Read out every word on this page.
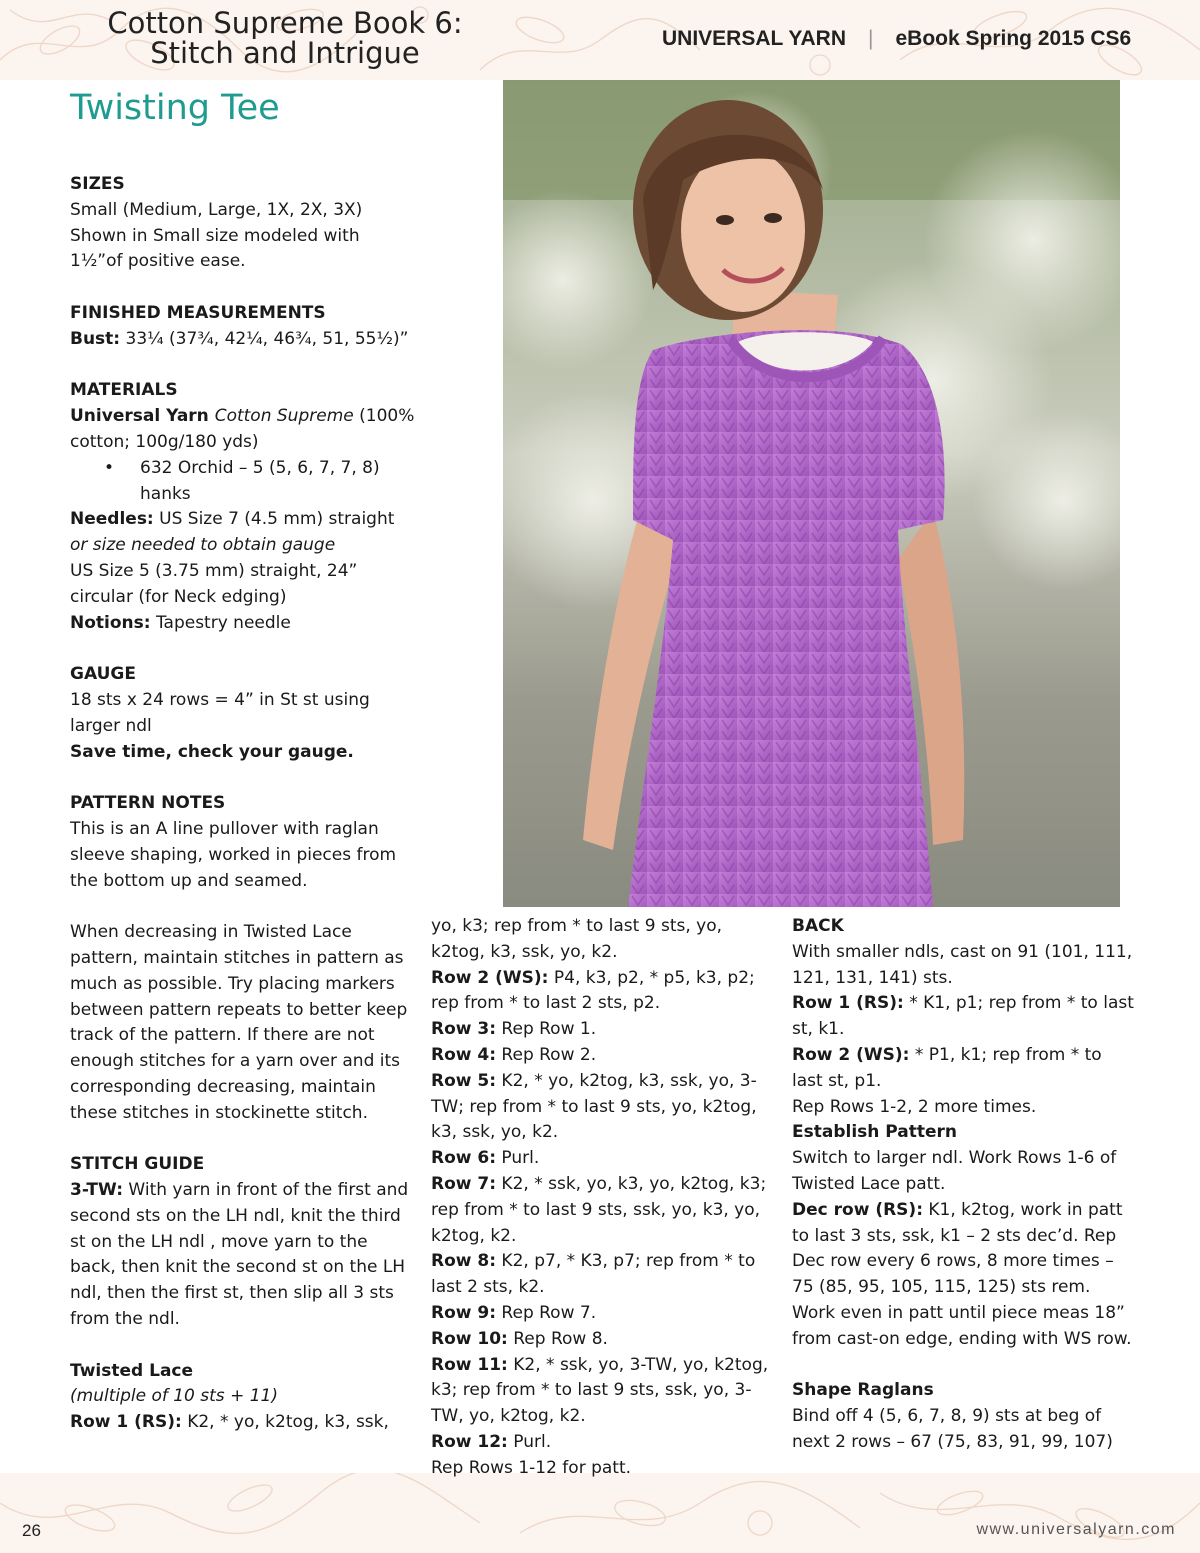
Cotton Supreme Book 6:
Stitch and Intrigue	UNIVERSAL YARN | eBook Spring 2015 CS6
Twisting Tee

SIZES

Small (Medium, Large, 1X, 2X, 3X) Shown in Small size modeled with 1½”of positive ease.

FINISHED MEASUREMENTS

Bust: 33¼ (37¾, 42¼, 46¾, 51, 55½)”

MATERIALS

Universal Yarn Cotton Supreme (100% cotton; 100g/180 yds)

•	632 Orchid – 5 (5, 6, 7, 7, 8) hanks

Needles: US Size 7 (4.5 mm) straight

or size needed to obtain gauge

US Size 5 (3.75 mm) straight, 24” circular (for Neck edging)

Notions: Tapestry needle

GAUGE

18 sts x 24 rows = 4” in St st using larger ndl

Save time, check your gauge.

PATTERN NOTES

This is an A line pullover with raglan sleeve shaping, worked in pieces from the bottom up and seamed.

When decreasing in Twisted Lace pattern, maintain stitches in pattern as much as possible. Try placing markers between pattern repeats to better keep track of the pattern. If there are not enough stitches for a yarn over and its corresponding decreasing, maintain these stitches in stockinette stitch.

STITCH GUIDE

3-TW: With yarn in front of the first and second sts on the LH ndl, knit the third st on the LH ndl , move yarn to the back, then knit the second st on the LH ndl, then the first st, then slip all 3 sts from the ndl.

Twisted Lace

(multiple of 10 sts + 11)

Row 1 (RS): K2, * yo, k2tog, k3, ssk,

yo, k3; rep from * to last 9 sts, yo, k2tog, k3, ssk, yo, k2.

Row 2 (WS): P4, k3, p2, * p5, k3, p2; rep from * to last 2 sts, p2.

Row 3: Rep Row 1.

Row 4: Rep Row 2.

Row 5: K2, * yo, k2tog, k3, ssk, yo, 3-TW; rep from * to last 9 sts, yo, k2tog, k3, ssk, yo, k2.

Row 6: Purl.

Row 7: K2, * ssk, yo, k3, yo, k2tog, k3; rep from * to last 9 sts, ssk, yo, k3, yo, k2tog, k2.

Row 8: K2, p7, * K3, p7; rep from * to last 2 sts, k2.

Row 9: Rep Row 7.

Row 10: Rep Row 8.

Row 11: K2, * ssk, yo, 3-TW, yo, k2tog, k3; rep from * to last 9 sts, ssk, yo, 3-TW, yo, k2tog, k2.

Row 12: Purl.

Rep Rows 1-12 for patt.

BACK

With smaller ndls, cast on 91 (101, 111, 121, 131, 141) sts.

Row 1 (RS): * K1, p1; rep from * to last st, k1.

Row 2 (WS): * P1, k1; rep from * to last st, p1.

Rep Rows 1-2, 2 more times.

Establish Pattern

Switch to larger ndl. Work Rows 1-6 of Twisted Lace patt.

Dec row (RS): K1, k2tog, work in patt to last 3 sts, ssk, k1 – 2 sts dec’d. Rep Dec row every 6 rows, 8 more times – 75 (85, 95, 105, 115, 125) sts rem.

Work even in patt until piece meas 18” from cast-on edge, ending with WS row.

Shape Raglans

Bind off 4 (5, 6, 7, 8, 9) sts at beg of next 2 rows – 67 (75, 83, 91, 99, 107)

26	www.universalyarn.com
